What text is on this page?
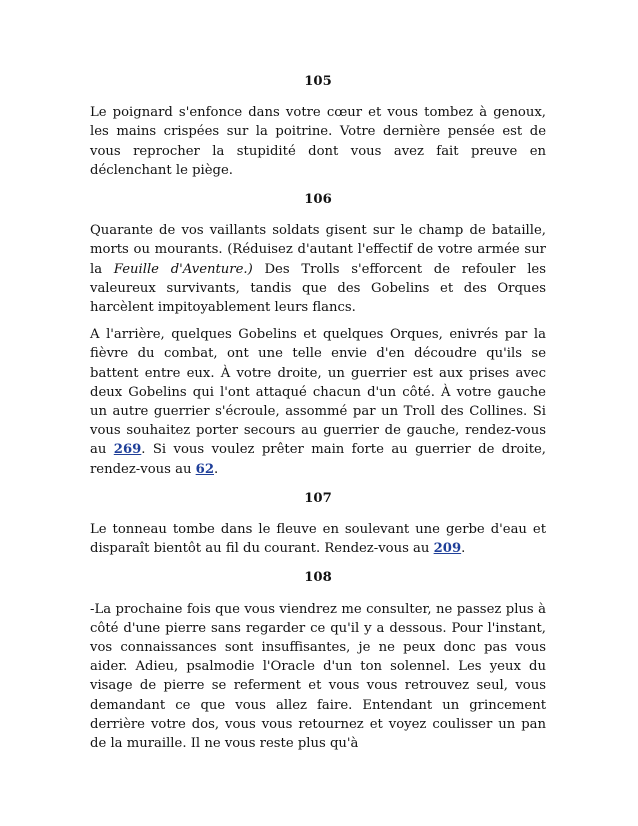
105

Le poignard s'enfonce dans votre cœur et vous tombez à genoux, les mains crispées sur la poitrine. Votre dernière pensée est de vous reprocher la stupidité dont vous avez fait preuve en déclenchant le piège.

106

Quarante de vos vaillants soldats gisent sur le champ de bataille, morts ou mourants. (Réduisez d'autant l'effectif de votre armée sur la Feuille d'Aventure.) Des Trolls s'efforcent de refouler les valeureux survivants, tandis que des Gobelins et des Orques harcèlent impitoyablement leurs flancs.

A l'arrière, quelques Gobelins et quelques Orques, enivrés par la fièvre du combat, ont une telle envie d'en découdre qu'ils se battent entre eux. À votre droite, un guerrier est aux prises avec deux Gobelins qui l'ont attaqué chacun d'un côté. À votre gauche un autre guerrier s'écroule, assommé par un Troll des Collines. Si vous souhaitez porter secours au guerrier de gauche, rendez-vous au 269. Si vous voulez prêter main forte au guerrier de droite, rendez-vous au 62.

107

Le tonneau tombe dans le fleuve en soulevant une gerbe d'eau et disparaît bientôt au fil du courant. Rendez-vous au 209.

108

-La prochaine fois que vous viendrez me consulter, ne passez plus à côté d'une pierre sans regarder ce qu'il y a dessous. Pour l'instant, vos connaissances sont insuffisantes, je ne peux donc pas vous aider. Adieu, psalmodie l'Oracle d'un ton solennel. Les yeux du visage de pierre se referment et vous vous retrouvez seul, vous demandant ce que vous allez faire. Entendant un grincement derrière votre dos, vous vous retournez et voyez coulisser un pan de la muraille. Il ne vous reste plus qu'à
